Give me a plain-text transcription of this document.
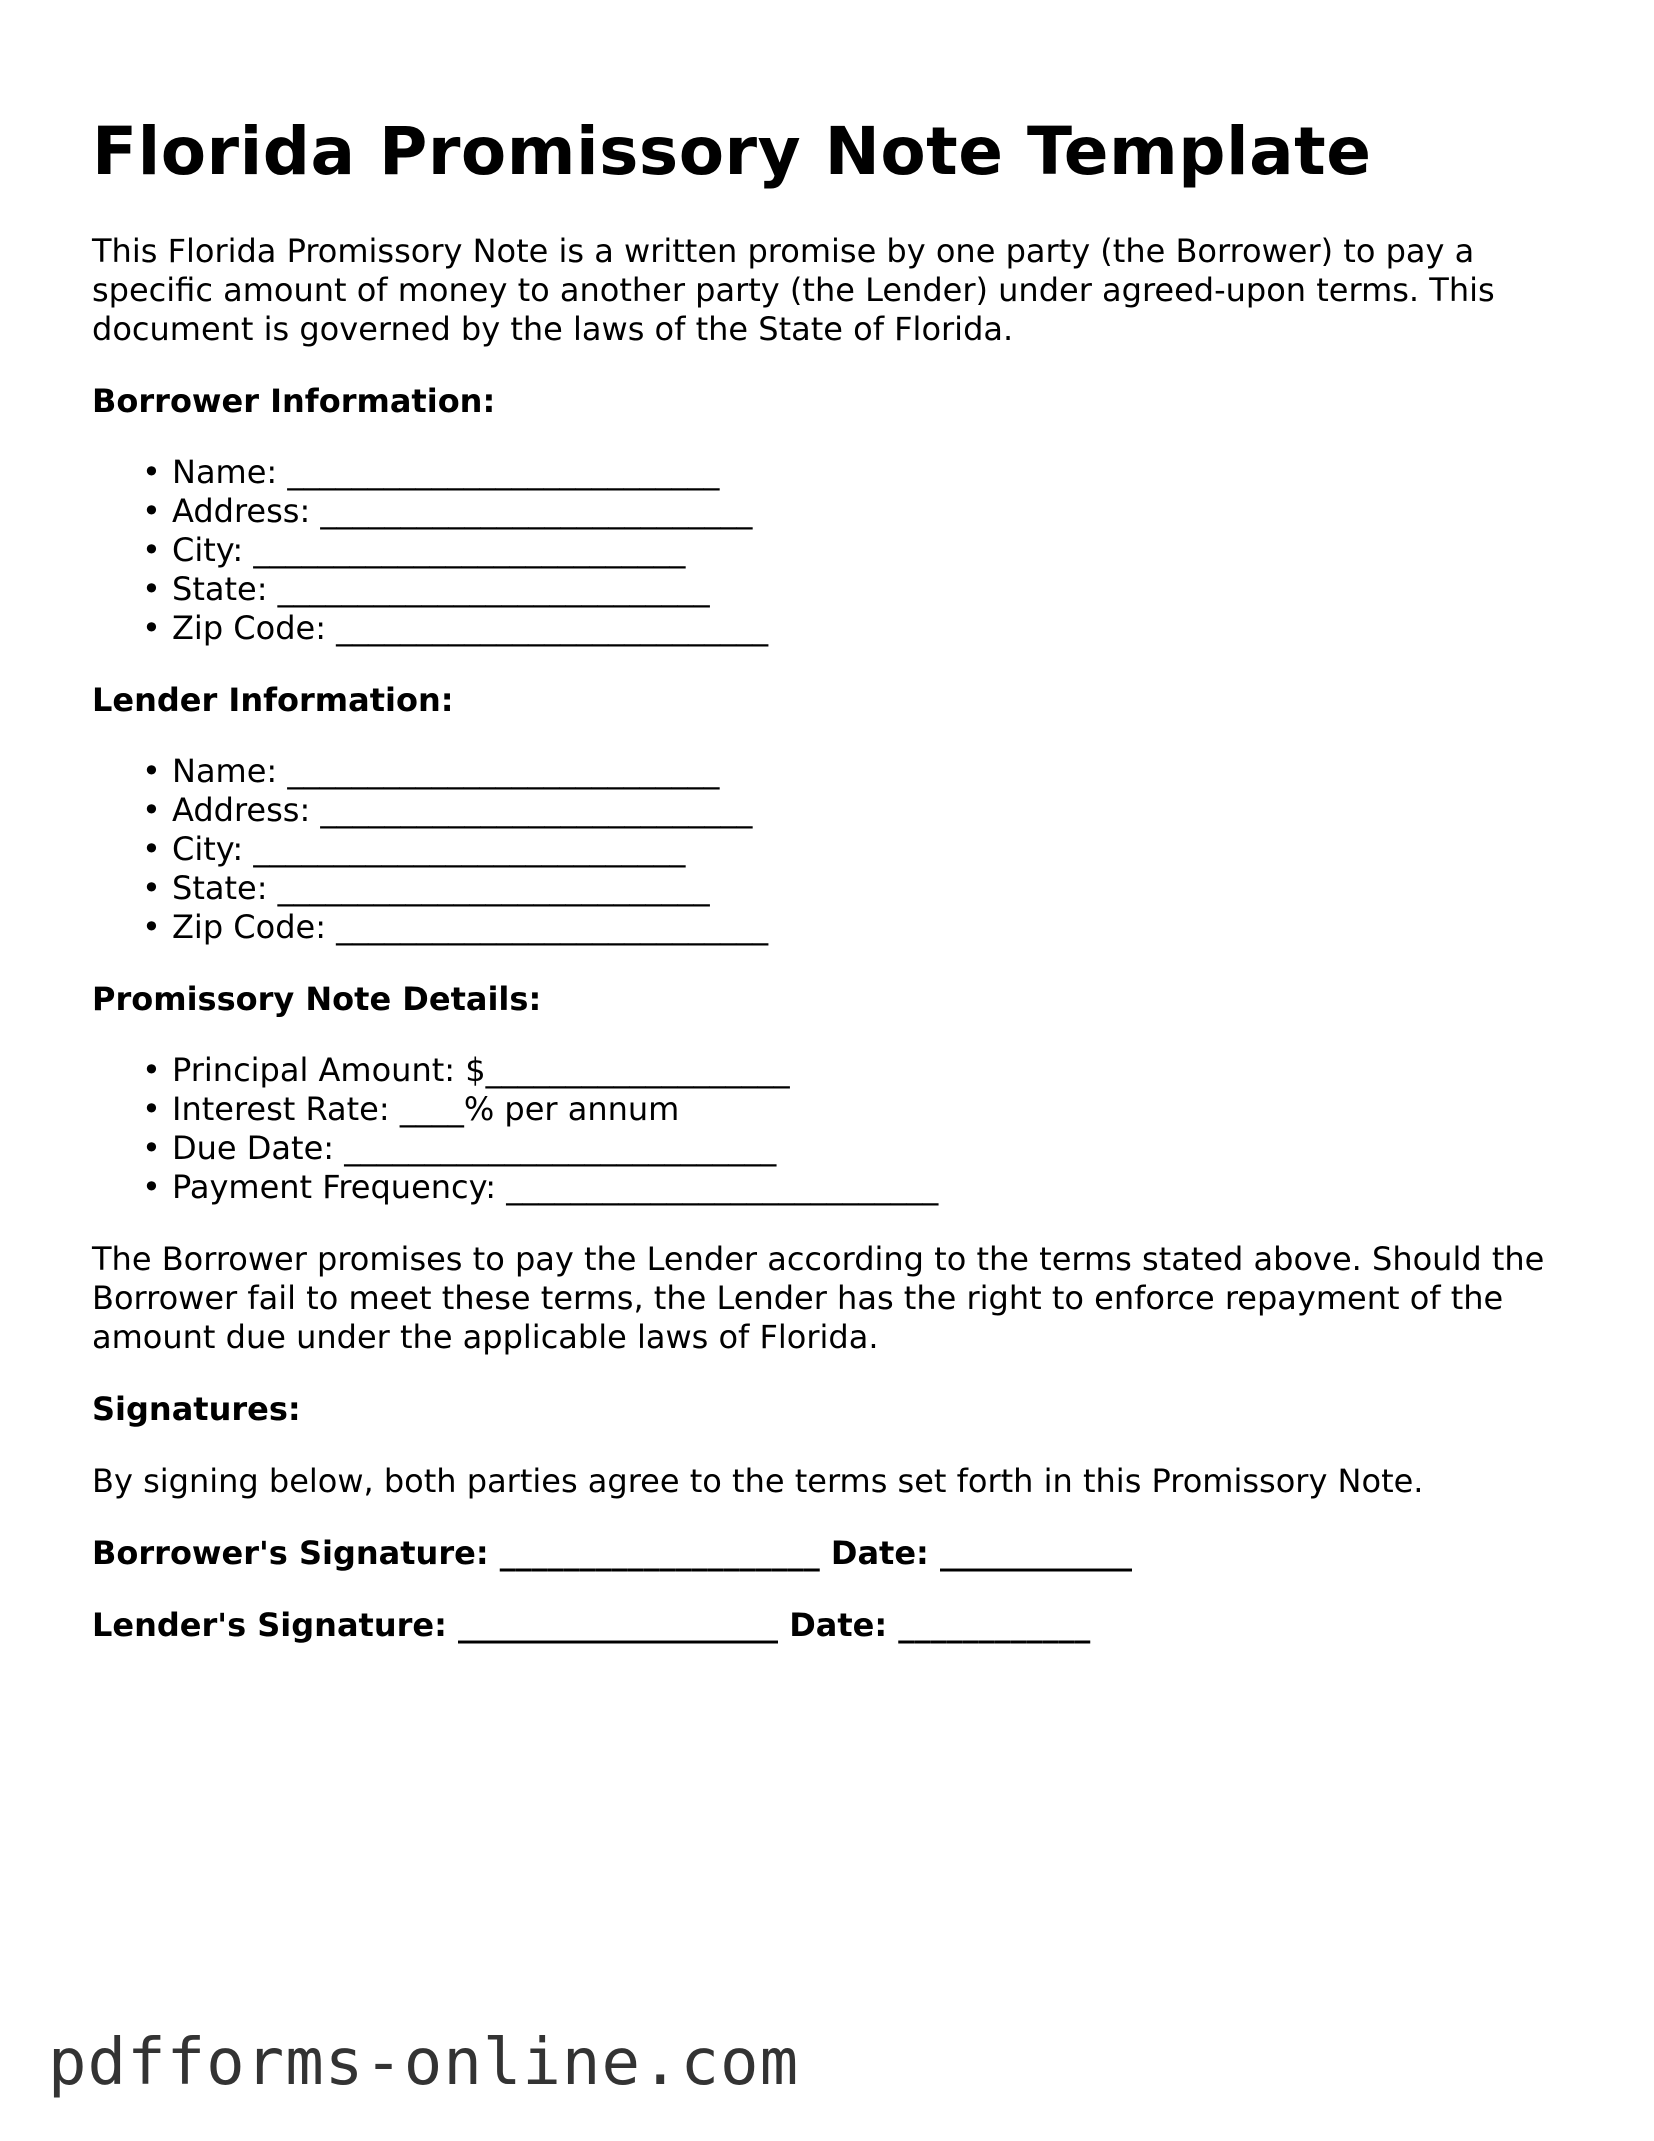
Florida Promissory Note Template

This Florida Promissory Note is a written promise by one party (the Borrower) to pay a specific amount of money to another party (the Lender) under agreed-upon terms. This document is governed by the laws of the State of Florida.

Borrower Information:
• Name: ___________________________
• Address: ___________________________
• City: ___________________________
• State: ___________________________
• Zip Code: ___________________________
Lender Information:
• Name: ___________________________
• Address: ___________________________
• City: ___________________________
• State: ___________________________
• Zip Code: ___________________________
Promissory Note Details:
• Principal Amount: $___________________
• Interest Rate: ____% per annum
• Due Date: ___________________________
• Payment Frequency: ___________________________

The Borrower promises to pay the Lender according to the terms stated above. Should the Borrower fail to meet these terms, the Lender has the right to enforce repayment of the amount due under the applicable laws of Florida.

Signatures:

By signing below, both parties agree to the terms set forth in this Promissory Note.

Borrower's Signature: ____________________ Date: ____________
Lender's Signature: ____________________ Date: ____________
pdfforms-online.com
